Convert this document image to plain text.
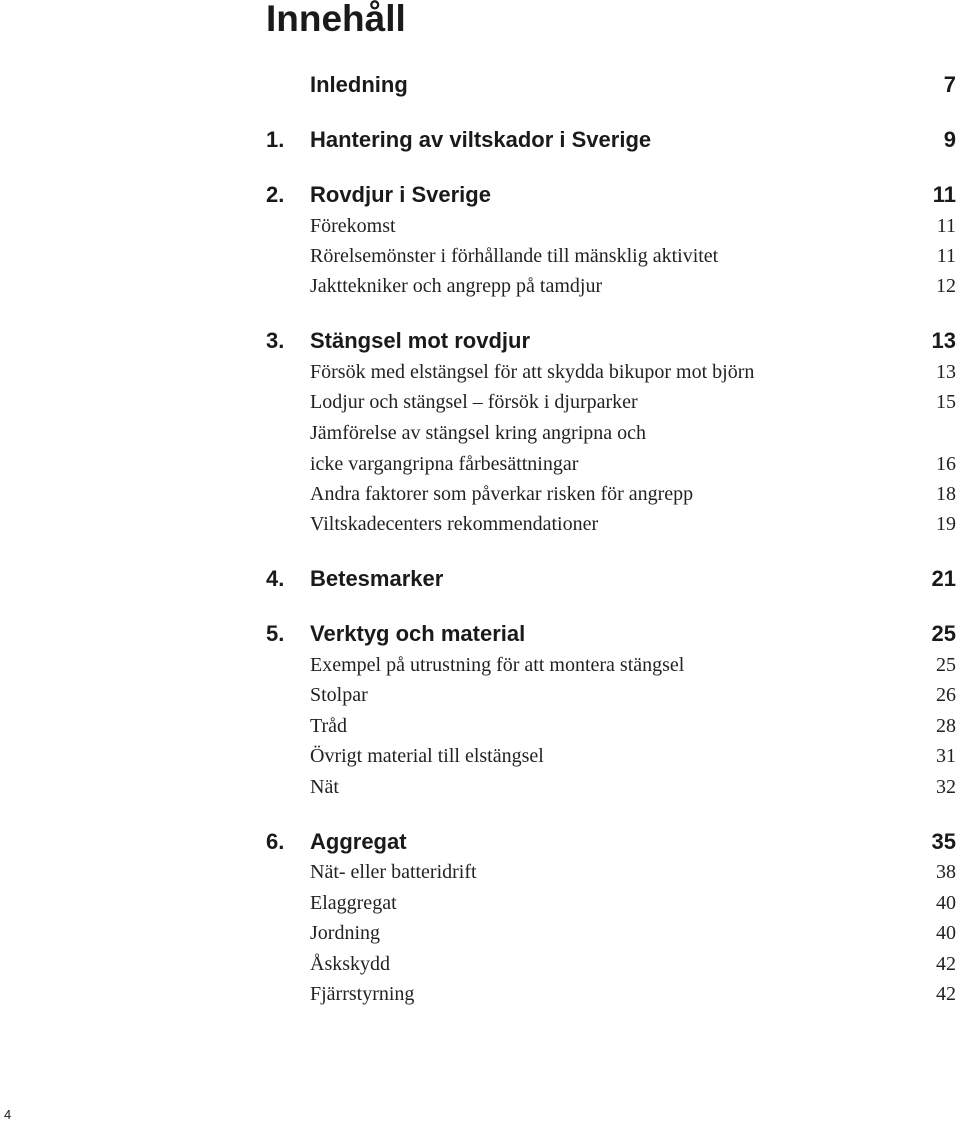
Innehåll
Inledning	7
1.	Hantering av viltskador i Sverige	9
2.	Rovdjur i Sverige	11
Förekomst	11
Rörelsemönster i förhållande till mänsklig aktivitet	11
Jakttekniker och angrepp på tamdjur	12
3.	Stängsel mot rovdjur	13
Försök med elstängsel för att skydda bikupor mot björn	13
Lodjur och stängsel – försök i djurparker	15
Jämförelse av stängsel kring angripna och
icke vargangripna fårbesättningar	16
Andra faktorer som påverkar risken för angrepp	18
Viltskadecenters rekommendationer	19
4.	Betesmarker	21
5.	Verktyg och material	25
Exempel på utrustning för att montera stängsel	25
Stolpar	26
Tråd	28
Övrigt material till elstängsel	31
Nät	32
6.	Aggregat	35
Nät- eller batteridrift	38
Elaggregat	40
Jordning	40
Åskskydd	42
Fjärrstyrning	42
4
